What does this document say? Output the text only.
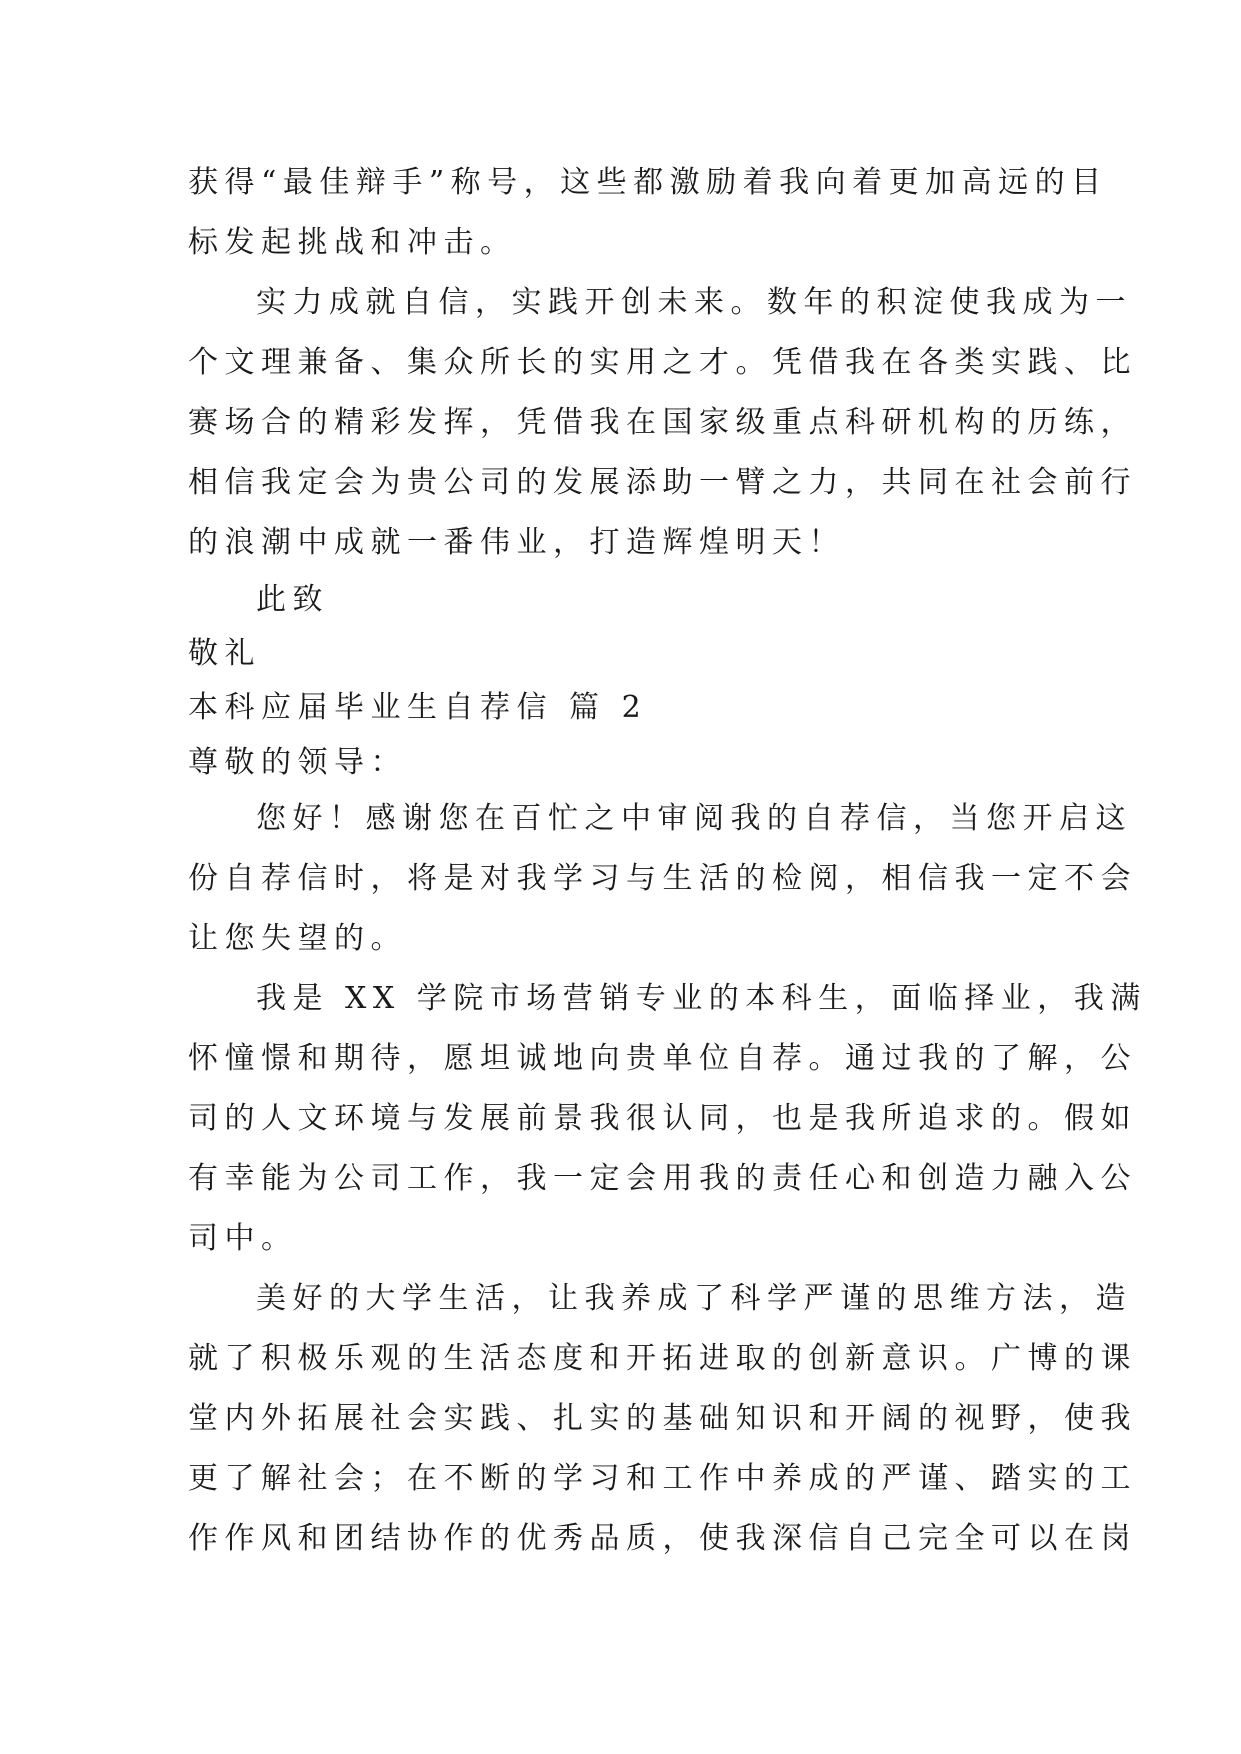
获得“最佳辩手”称号，这些都激励着我向着更加高远的目
标发起挑战和冲击。
实力成就自信，实践开创未来。数年的积淀使我成为一
个文理兼备、集众所长的实用之才。凭借我在各类实践、比
赛场合的精彩发挥，凭借我在国家级重点科研机构的历练，
相信我定会为贵公司的发展添助一臂之力，共同在社会前行
的浪潮中成就一番伟业，打造辉煌明天！
此致
敬礼
本科应届毕业生自荐信 篇 2
尊敬的领导：
您好！感谢您在百忙之中审阅我的自荐信，当您开启这
份自荐信时，将是对我学习与生活的检阅，相信我一定不会
让您失望的。
我是 XX 学院市场营销专业的本科生，面临择业，我满
怀憧憬和期待，愿坦诚地向贵单位自荐。通过我的了解，公
司的人文环境与发展前景我很认同，也是我所追求的。假如
有幸能为公司工作，我一定会用我的责任心和创造力融入公
司中。
美好的大学生活，让我养成了科学严谨的思维方法，造
就了积极乐观的生活态度和开拓进取的创新意识。广博的课
堂内外拓展社会实践、扎实的基础知识和开阔的视野，使我
更了解社会；在不断的学习和工作中养成的严谨、踏实的工
作作风和团结协作的优秀品质，使我深信自己完全可以在岗
